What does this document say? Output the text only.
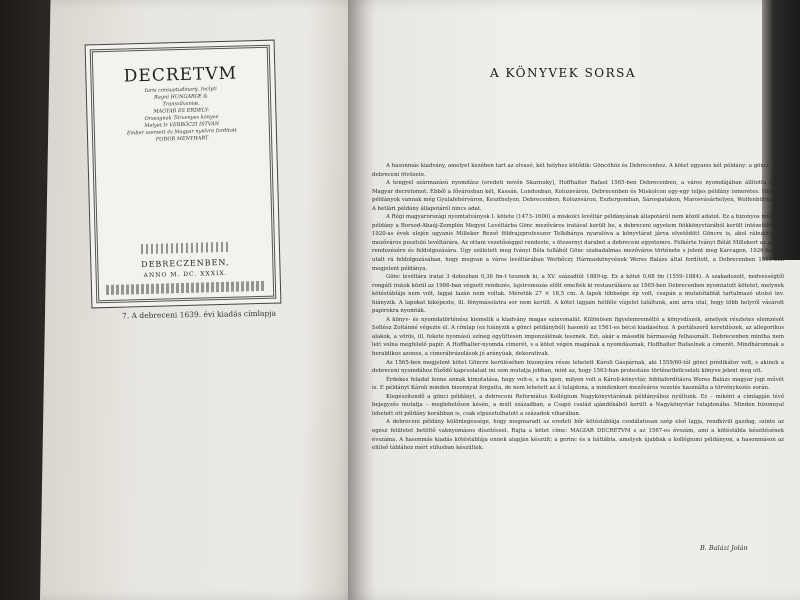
DECRETVM
Iuris consuetudinarij, Inclyti
Regni HUNGARIÆ &
Transsilvaniæ,
MAGYAR ES ERDELY-
Orszagnak Törvenyes könyve
Melyet Ir VERBÖCZI ISTVAN
Ember szerzett és Magyar nyelvre fordított
FODOR MENYHART
DEBRECZENBEN,
ANNO M. DC. XXXIX.
7. A debreceni 1639. évi kiadás címlapja
A KÖNYVEK SORSA

A hasonmás kiadvány, amelyet kezében tart az olvasó, két helyhez kötődik: Göncöhöz és Debrecenhez. A kötet ugyanis két példány: a gönci, ill. a debreceni ötvözete.

A tengyel származású nyomdász (eredeti nevén Skarnuky), Hoffhalter Rafael 1565-ben Debrecenben, a város nyomdájában állította elő a Magyar decretomot. Ebből a fővárosban két, Kassán, Londonban, Kolozsváron, Debrecenben és Miskolcon egy-egy teljes példány ismeretes. Hiányos példányok vannak még Gyulafehérváron, Keszthelyen, Debrecenben, Kolozsváron, Esztergomban, Sárospatakon, Marosvásárhelyen, Wolfenbüttelben. A betlári példány állapotáról nincs adat.

A Régi magyarországi nyomtatványok I. kötete (1473–1600) a miskolci levéltár példányának állapotáról nem közöl adatot. Ez a bizonyos miskolci példány a Borsod-Abaúj-Zemplén Megyei Levéltárba Gönc mezőváros iratával került be, a debreceni egyetem fiókkönyvtárából került intézetébe. Az 1920-as évek elején ugyanis Milleker Rezső földrajzprofesszor Telkibánya nyaralóva a könyvtárat járva elvetődött Göncre is, ahol rábukkant a mezőváros pusztuló levéltárára. Az ottani vezetőséggel rendezte, s ötezernyi darabot a debreceni egyetemre. Felkérte Iványi Bélát Millekert az anyag rendezésére és feldolgozására. Úgy született meg Iványi Béla tollából Gönc szabadalmas mezőváros története s jelent meg Karcagon, 1926-ban. Ő utalt rá feldolgozásában, hogy megvan a város levéltárában Werbőczy Hármaskönyvének Weres Balázs által fordított, a Debrecenben 1565-ben megjelent példánya.

Gönc levéltára iratai 3 dobozban 0,36 fm-t tesznek ki, a XV. századtól 1889-ig. Ez a kötet 0,68 fm (1559–1884). A szakadozott, nedvességtől rongált iratok közül az 1986-ban végzett rendezés, lajstromozás előtt emelték ki restaurálásra az 1565-ben Debrecenben nyomtatott kötetet, melynek kötéstáblája nem volt, lapjai lazán nem voltak. Méretük 27 × 18,5 cm. A lapok többsége ép volt, csupán a mutatótáblát tartalmazó utolsó lev. hiányzik. A lapokat kiképezte, ill. fénymásolatra sor nem került. A kötet lapjain hétféle vízjelet találtunk, ami arra utal, hogy több helyről vásárolt papirokra nyomták.

A könyv- és nyomdatörténész kiemelik a kiadvány magas színvonalát. Különösen figyelemreméltó a könyvdíszek, amelyek részletes elemzését Soltész Zoltánné végezte el. A címlap (ez hiányzik a gönci példányból) hasonló az 1561-es bécsi kiadáséhoz. A portálszerű keretdíszek, az allegorikus alakok, a vörös, ill. fekete nyomású színeg együttesen imponzálónak tesznek. Ezt, akár a második hármasság felhasznált. Debrecenben mintha nem lett volna megfelelő papír. A Hoffhalter-nyomda címerét, s a kötet végén magának a nyomdásznak, Hoffhalter Rafaelnek a címerét. Mindháromnak a heraldikus azonos, a címerábrázolások jó arányúak, dekoratívak.

Az 1565-ben megjelent kötet Göncre kerülésében bizonyára része lehetett Károli Gáspárnak, aki 1559/60-tól gönci prédikátor volt, s akinek a debreceni nyomdához fűződő kapcsolatait mi sem mutatja jobban, mint az, hogy 1563-ban protestáns történetbölcseleti könyve jelent meg ott.

Érdekes feladat lenne annak kimutatása, hogy volt-e, s ha igen, milyen volt a Károli-könyvtár, bibliafordításra Weres Balázs magyar jogi művét is. E példányt Károli minden bizonnyal forgatta, de nem lehetett az ő tulajdona, a mindenkori mezőváros vezetés használta a törvénykezés során.

Kiegészítendő a gönci példányt, a debreceni Református Kollégium Nagykönyvtárának példányához nyúltunk. Ez – miként a címlapján lévő bejegyzés mutatja – meglehetősen késén, a múlt században, a Csapó család ajándékából került a Nagykönyvtár tulajdonába. Minden bizonnyal lehetett ott példány korábban is, csak elpusztulhatott a századok viharában.

A debreceni példány különlegessége, hogy megmaradt az eredeti bőr kötéstáblája csodálatosan szép első lapja, rendkívül gazdag, szinte az egész felületet betöltő vaknyomásos díszítéssel. Rajta a kötet címe: MAGIAR DECRETVM s az 1567-es évszám, ami a kötéstábla készítésének évszáma. A hasonmás kiadás kötéstáblája ennek alapján készült; a gerinc és a háttábla, amelyek újabbak a kollégiumi példányon, a hasonmáson az elülső táblához mért stílusban készültek.

B. Balázi Jolán
